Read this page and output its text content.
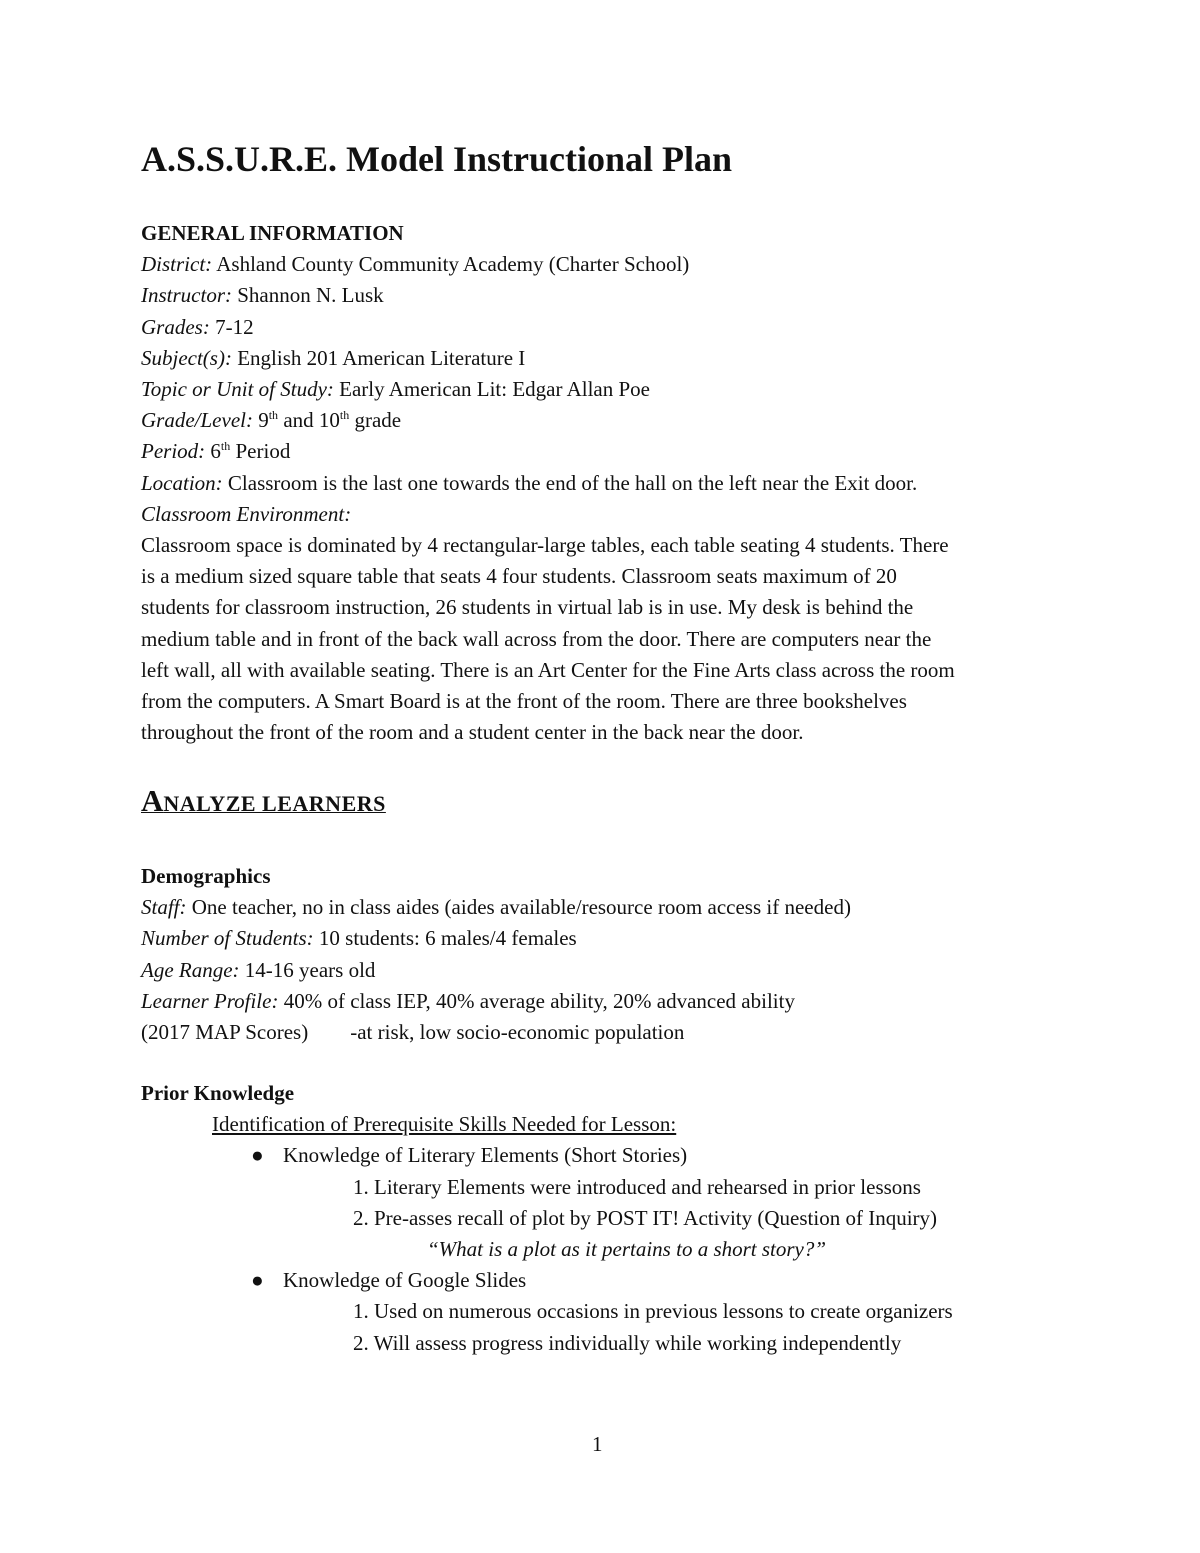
A.S.S.U.R.E. Model Instructional Plan
GENERAL INFORMATION
District: Ashland County Community Academy (Charter School)
Instructor: Shannon N. Lusk
Grades: 7-12
Subject(s): English 201 American Literature I
Topic or Unit of Study: Early American Lit: Edgar Allan Poe
Grade/Level: 9th and 10th grade
Period: 6th Period
Location: Classroom is the last one towards the end of the hall on the left near the Exit door.
Classroom Environment:
Classroom space is dominated by 4 rectangular-large tables, each table seating 4 students. There
is a medium sized square table that seats 4 four students. Classroom seats maximum of 20
students for classroom instruction, 26 students in virtual lab is in use. My desk is behind the
medium table and in front of the back wall across from the door. There are computers near the
left wall, all with available seating. There is an Art Center for the Fine Arts class across the room
from the computers. A Smart Board is at the front of the room. There are three bookshelves
throughout the front of the room and a student center in the back near the door.
ANALYZE LEARNERS
Demographics
Staff: One teacher, no in class aides (aides available/resource room access if needed)
Number of Students: 10 students: 6 males/4 females
Age Range: 14-16 years old
Learner Profile: 40% of class IEP, 40% average ability, 20% advanced ability
(2017 MAP Scores) -at risk, low socio-economic population
Prior Knowledge
Identification of Prerequisite Skills Needed for Lesson:
● Knowledge of Literary Elements (Short Stories)
1. Literary Elements were introduced and rehearsed in prior lessons
2. Pre-asses recall of plot by POST IT! Activity (Question of Inquiry)
“What is a plot as it pertains to a short story?”
● Knowledge of Google Slides
1. Used on numerous occasions in previous lessons to create organizers
2. Will assess progress individually while working independently
1
